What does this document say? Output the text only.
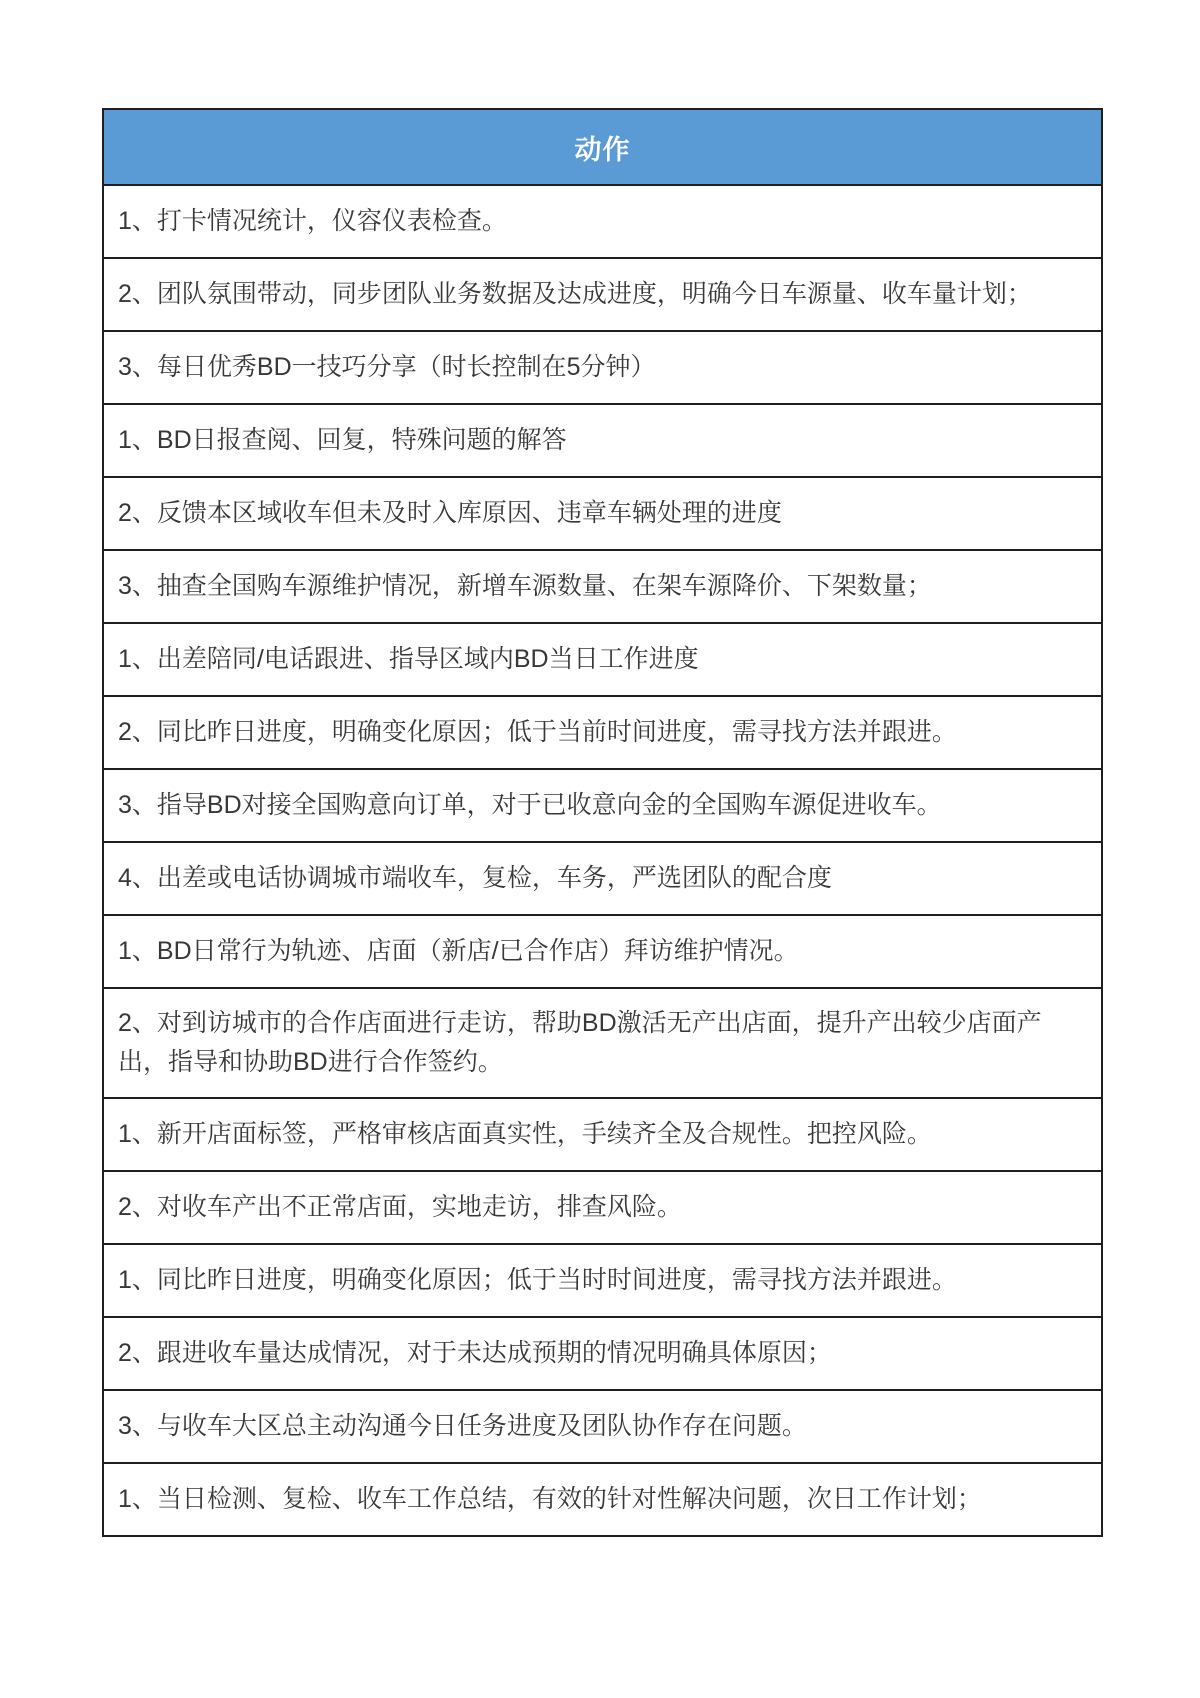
动作
1、打卡情况统计，仪容仪表检查。
2、团队氛围带动，同步团队业务数据及达成进度，明确今日车源量、收车量计划；
3、每日优秀BD一技巧分享（时长控制在5分钟）
1、BD日报查阅、回复，特殊问题的解答
2、反馈本区域收车但未及时入库原因、违章车辆处理的进度
3、抽查全国购车源维护情况，新增车源数量、在架车源降价、下架数量；
1、出差陪同/电话跟进、指导区域内BD当日工作进度
2、同比昨日进度，明确变化原因；低于当前时间进度，需寻找方法并跟进。
3、指导BD对接全国购意向订单，对于已收意向金的全国购车源促进收车。
4、出差或电话协调城市端收车，复检，车务，严选团队的配合度
1、BD日常行为轨迹、店面（新店/已合作店）拜访维护情况。
2、对到访城市的合作店面进行走访，帮助BD激活无产出店面，提升产出较少店面产出，指导和协助BD进行合作签约。
1、新开店面标签，严格审核店面真实性，手续齐全及合规性。把控风险。
2、对收车产出不正常店面，实地走访，排查风险。
1、同比昨日进度，明确变化原因；低于当时时间进度，需寻找方法并跟进。
2、跟进收车量达成情况，对于未达成预期的情况明确具体原因；
3、与收车大区总主动沟通今日任务进度及团队协作存在问题。
1、当日检测、复检、收车工作总结，有效的针对性解决问题，次日工作计划；
